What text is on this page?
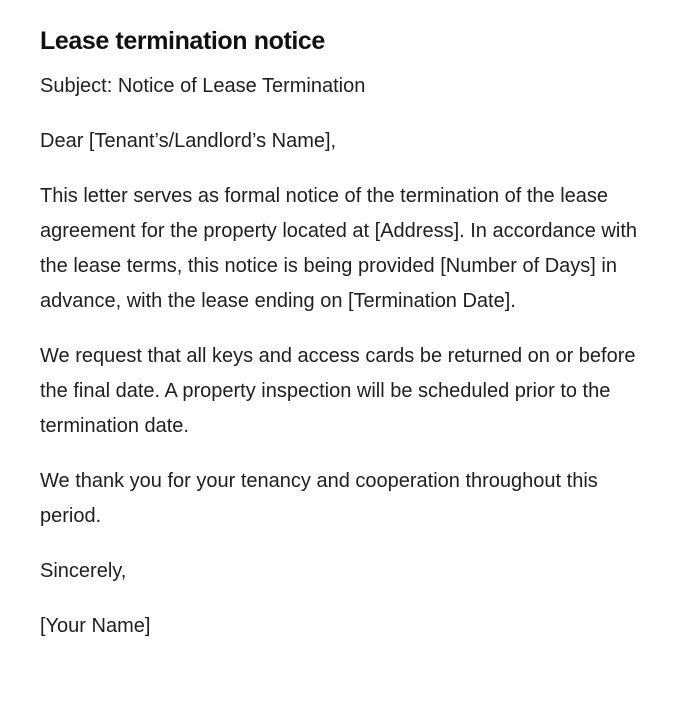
Lease termination notice

Subject: Notice of Lease Termination

Dear [Tenant’s/Landlord’s Name],

This letter serves as formal notice of the termination of the lease agreement for the property located at [Address]. In accordance with the lease terms, this notice is being provided [Number of Days] in advance, with the lease ending on [Termination Date].

We request that all keys and access cards be returned on or before the final date. A property inspection will be scheduled prior to the termination date.

We thank you for your tenancy and cooperation throughout this period.

Sincerely,

[Your Name]
